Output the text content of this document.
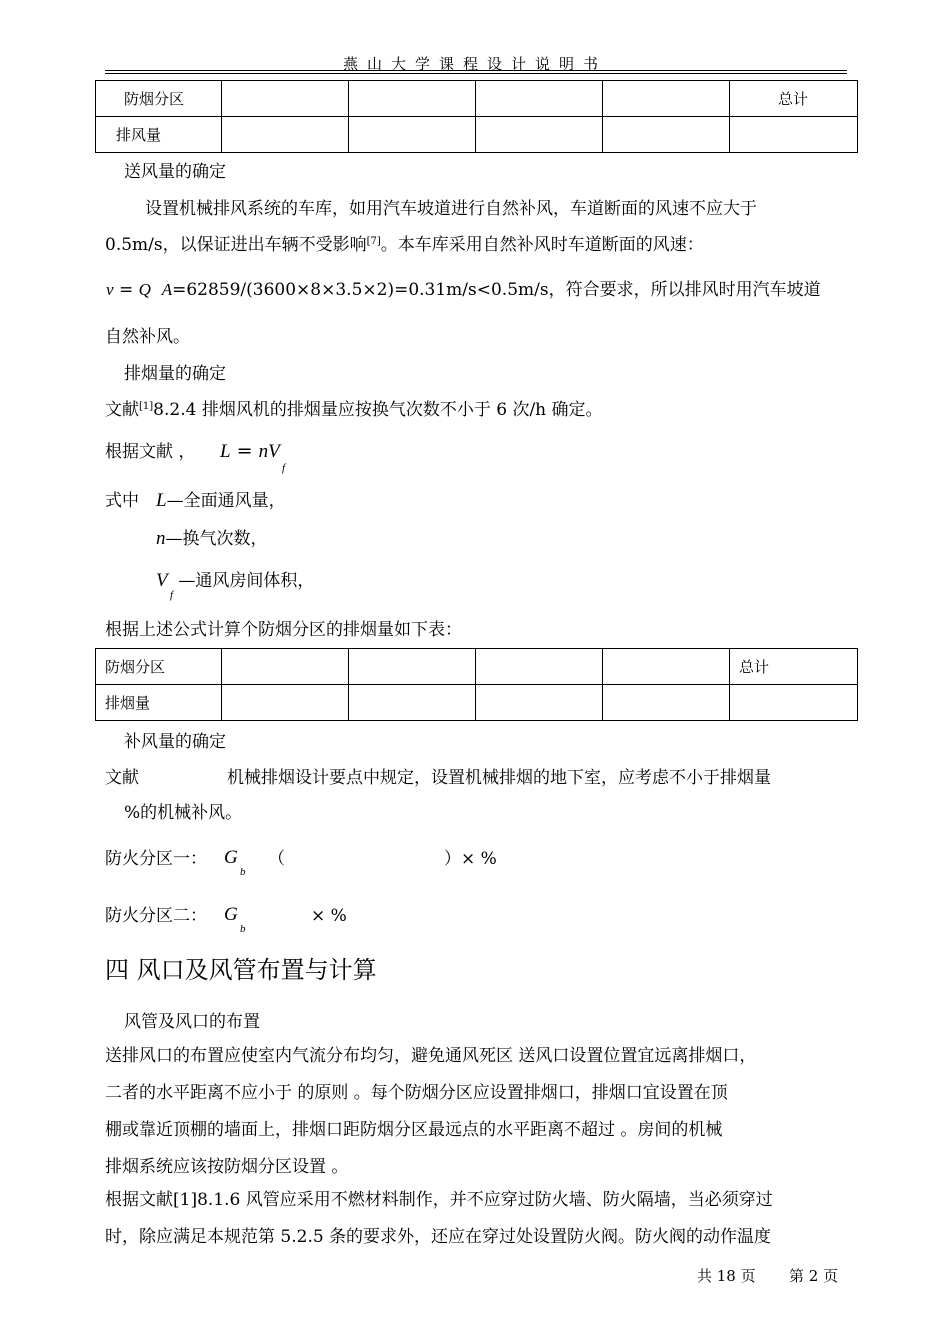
燕山大学课程设计说明书
防烟分区					总计
排风量					
送风量的确定
设置机械排风系统的车库，如用汽车坡道进行自然补风，车道断面的风速不应大于
0.5m/s，以保证进出车辆不受影响[7]。本车库采用自然补风时车道断面的风速：
v = Q A=62859/(3600×8×3.5×2)=0.31m/s<0.5m/s，符合要求，所以排风时用汽车坡道
自然补风。
排烟量的确定
文献[1]8.2.4 排烟风机的排烟量应按换气次数不小于 6 次/h 确定。
根据文献 ， L = nV
f
式中 L—全面通风量，
n—换气次数，
V —通风房间体积，
f
根据上述公式计算个防烟分区的排烟量如下表：
防烟分区					总计
排烟量					
补风量的确定
文献	机械排烟设计要点中规定，设置机械排烟的地下室，应考虑不小于排烟量
%的机械补风。
防火分区一： G
b
（	）× %
防火分区二： G
b
× %
四 风口及风管布置与计算
风管及风口的布置
送排风口的布置应使室内气流分布均匀，避免通风死区 送风口设置位置宜远离排烟口，
二者的水平距离不应小于 的原则 。每个防烟分区应设置排烟口，排烟口宜设置在顶
棚或靠近顶棚的墙面上，排烟口距防烟分区最远点的水平距离不超过 。房间的机械
排烟系统应该按防烟分区设置 。
根据文献[1]8.1.6 风管应采用不燃材料制作，并不应穿过防火墙、防火隔墙，当必须穿过
时，除应满足本规范第 5.2.5 条的要求外，还应在穿过处设置防火阀。防火阀的动作温度
共 18 页 第 2 页
